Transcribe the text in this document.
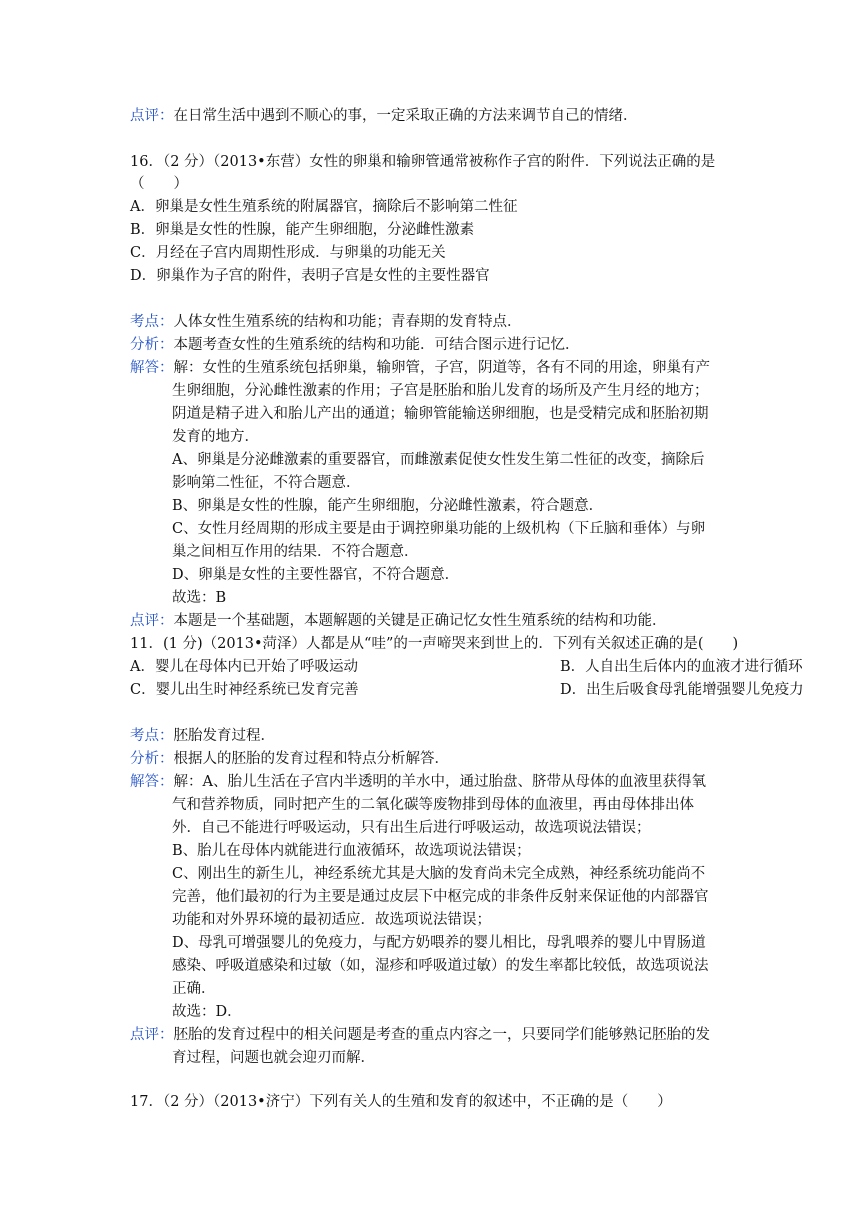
点评：在日常生活中遇到不顺心的事，一定采取正确的方法来调节自己的情绪．
16．（2 分）（2013•东营）女性的卵巢和输卵管通常被称作子宫的附件．下列说法正确的是
（　　）
A．卵巢是女性生殖系统的附属器官，摘除后不影响第二性征
B．卵巢是女性的性腺，能产生卵细胞，分泌雌性激素
C．月经在子宫内周期性形成．与卵巢的功能无关
D．卵巢作为子宫的附件，表明子宫是女性的主要性器官
考点：人体女性生殖系统的结构和功能；青春期的发育特点．
分析：本题考查女性的生殖系统的结构和功能．可结合图示进行记忆．
解答：解：女性的生殖系统包括卵巢，输卵管，子宫，阴道等，各有不同的用途，卵巢有产
生卵细胞，分沁雌性激素的作用；子宫是胚胎和胎儿发育的场所及产生月经的地方；
阴道是精子进入和胎儿产出的通道；输卵管能输送卵细胞，也是受精完成和胚胎初期
发育的地方．
A、卵巢是分泌雌激素的重要器官，而雌激素促使女性发生第二性征的改变，摘除后
影响第二性征，不符合题意．
B、卵巢是女性的性腺，能产生卵细胞，分泌雌性激素，符合题意．
C、女性月经周期的形成主要是由于调控卵巢功能的上级机构（下丘脑和垂体）与卵
巢之间相互作用的结果．不符合题意．
D、卵巢是女性的主要性器官，不符合题意．
故选：B
点评：本题是一个基础题，本题解题的关键是正确记忆女性生殖系统的结构和功能．
11．(1 分)（2013•菏泽）人都是从“哇”的一声啼哭来到世上的．下列有关叙述正确的是(　　)
A．婴儿在母体内已开始了呼吸运动	B．人自出生后体内的血液才进行循环
C．婴儿出生时神经系统已发育完善	D．出生后吸食母乳能增强婴儿免疫力
考点：胚胎发育过程．
分析：根据人的胚胎的发育过程和特点分析解答．
解答：解：A、胎儿生活在子宫内半透明的羊水中，通过胎盘、脐带从母体的血液里获得氧
气和营养物质，同时把产生的二氧化碳等废物排到母体的血液里，再由母体排出体
外．自己不能进行呼吸运动，只有出生后进行呼吸运动，故选项说法错误；
B、胎儿在母体内就能进行血液循环，故选项说法错误；
C、刚出生的新生儿，神经系统尤其是大脑的发育尚未完全成熟，神经系统功能尚不
完善，他们最初的行为主要是通过皮层下中枢完成的非条件反射来保证他的内部器官
功能和对外界环境的最初适应．故选项说法错误；
D、母乳可增强婴儿的免疫力，与配方奶喂养的婴儿相比，母乳喂养的婴儿中胃肠道
感染、呼吸道感染和过敏（如，湿疹和呼吸道过敏）的发生率都比较低，故选项说法
正确．
故选：D．
点评：胚胎的发育过程中的相关问题是考查的重点内容之一，只要同学们能够熟记胚胎的发
育过程，问题也就会迎刃而解．
17．（2 分）（2013•济宁）下列有关人的生殖和发育的叙述中，不正确的是（　　）
